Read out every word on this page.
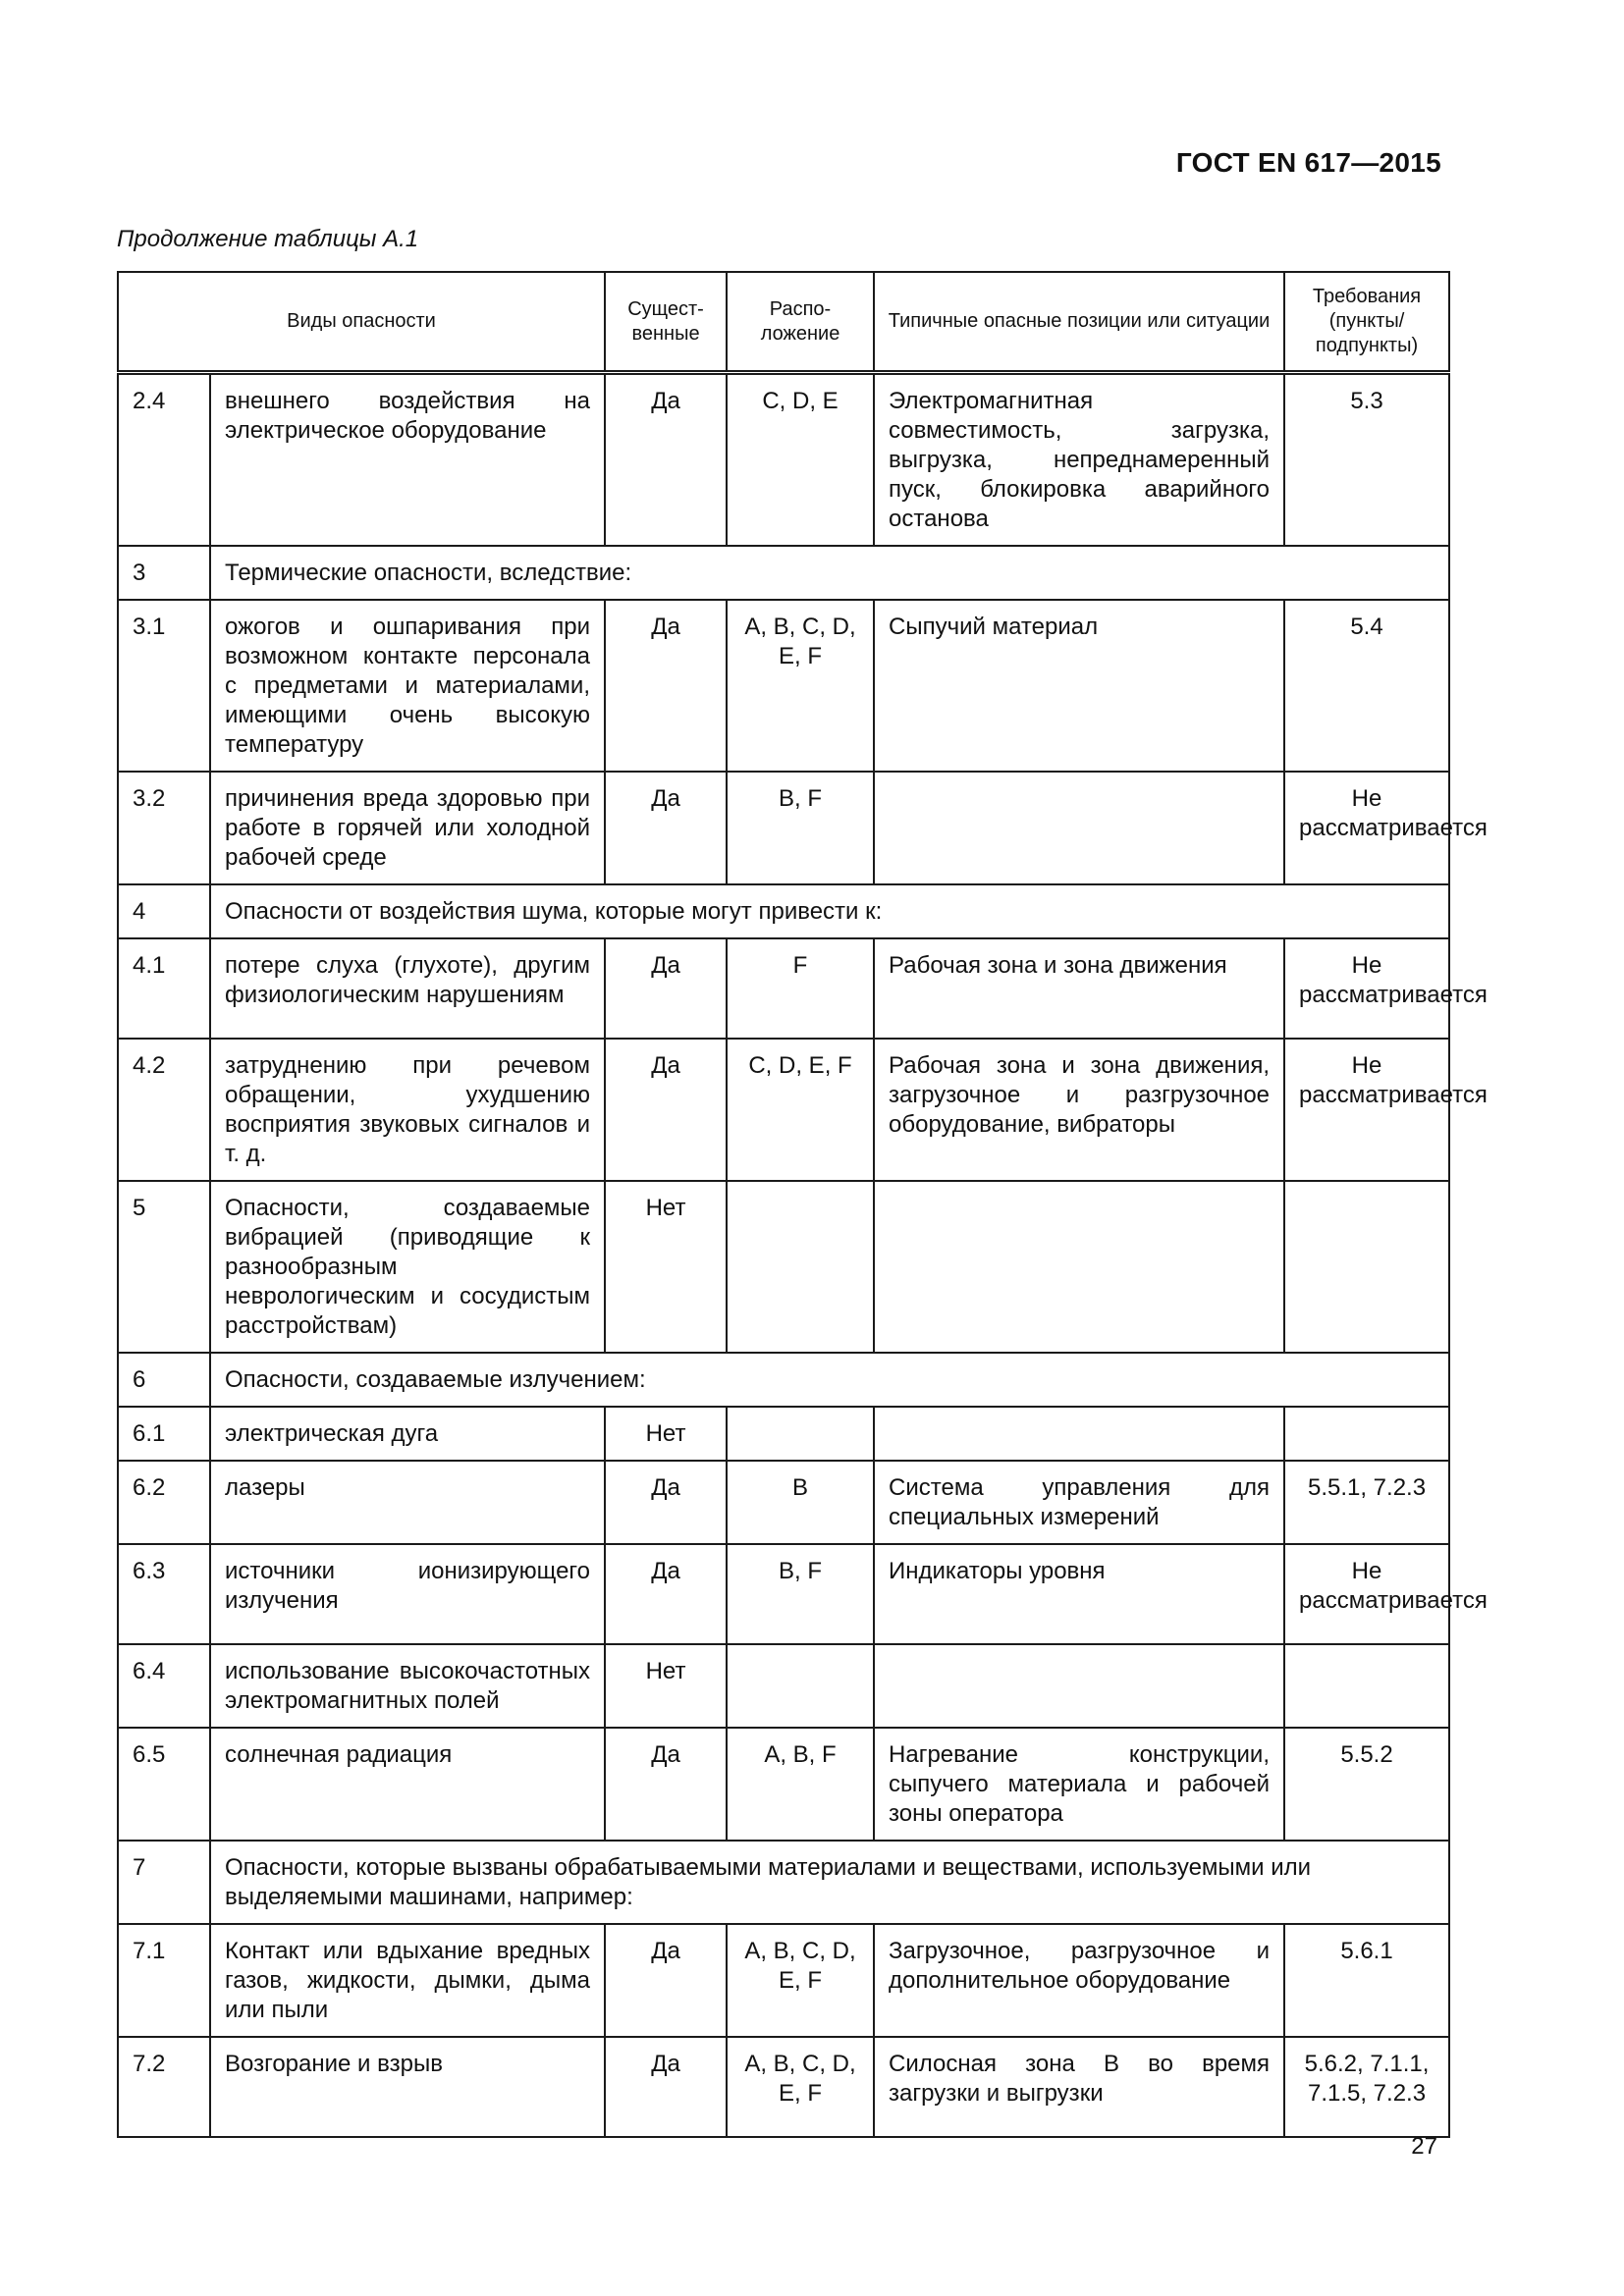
ГОСТ EN 617—2015
Продолжение таблицы А.1
Виды опасности		Сущест-венные	Распо-ложение	Типичные опасные позиции или ситуации	Требования (пункты/ подпункты)
2.4	внешнего воздействия на электрическое оборудование	Да	C, D, E	Электромагнитная совместимость, загрузка, выгрузка, непреднамеренный пуск, блокировка аварийного останова	5.3
3	Термические опасности, вследствие:				
3.1	ожогов и ошпаривания при возможном контакте персонала с предметами и материалами, имеющими очень высокую температуру	Да	A, B, C, D, E, F	Сыпучий материал	5.4
3.2	причинения вреда здоровью при работе в горячей или холодной рабочей среде	Да	B, F		Не рассматривается
4	Опасности от воздействия шума, которые могут привести к:				
4.1	потере слуха (глухоте), другим физиологическим нарушениям	Да	F	Рабочая зона и зона движения	Не рассматривается
4.2	затруднению при речевом обращении, ухудшению восприятия звуковых сигналов и т. д.	Да	C, D, E, F	Рабочая зона и зона движения, загрузочное и разгрузочное оборудование, вибраторы	Не рассматривается
5	Опасности, создаваемые вибрацией (приводящие к разнообразным неврологическим и сосудистым расстройствам)	Нет			
6	Опасности, создаваемые излучением:				
6.1	электрическая дуга	Нет			
6.2	лазеры	Да	B	Система управления для специальных измерений	5.5.1, 7.2.3
6.3	источники ионизирующего излучения	Да	B, F	Индикаторы уровня	Не рассматривается
6.4	использование высокочастотных электромагнитных полей	Нет			
6.5	солнечная радиация	Да	A, B, F	Нагревание конструкции, сыпучего материала и рабочей зоны оператора	5.5.2
7	Опасности, которые вызваны обрабатываемыми материалами и веществами, используемыми или выделяемыми машинами, например:				
7.1	Контакт или вдыхание вредных газов, жидкости, дымки, дыма или пыли	Да	A, B, C, D, E, F	Загрузочное, разгрузочное и дополнительное оборудование	5.6.1
7.2	Возгорание и взрыв	Да	A, B, C, D, E, F	Силосная зона В во время загрузки и выгрузки	5.6.2, 7.1.1, 7.1.5, 7.2.3
27
